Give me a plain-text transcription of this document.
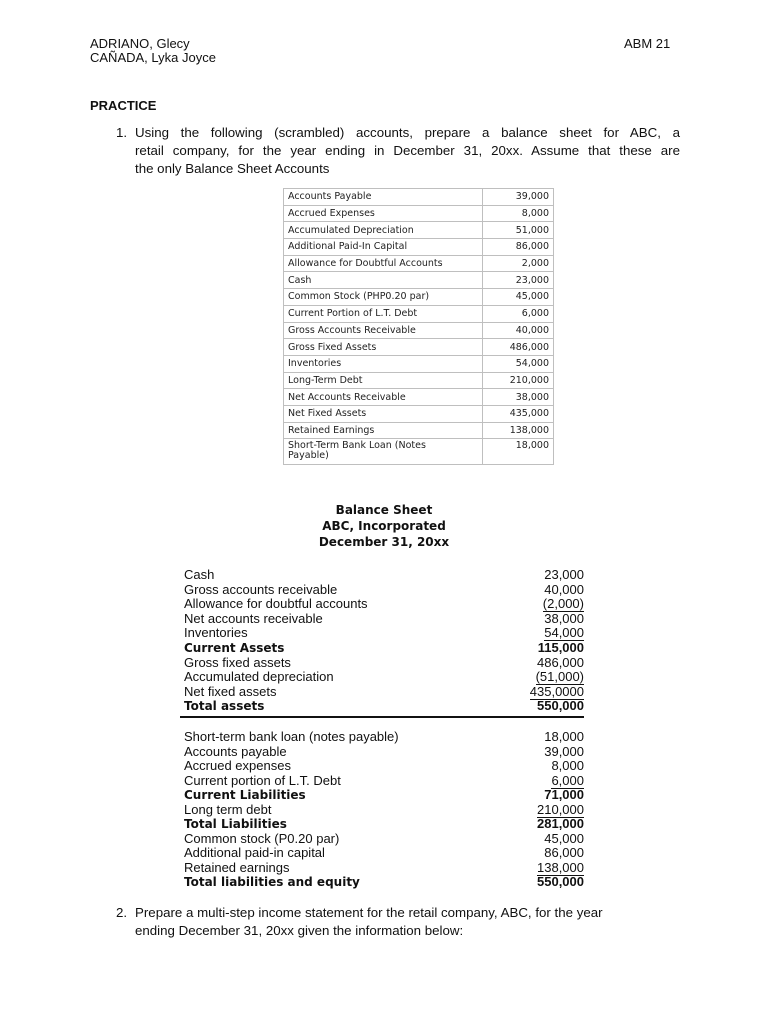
ADRIANO, Glecy
CAÑADA, Lyka Joyce
ABM 21
PRACTICE
1. Using the following (scrambled) accounts, prepare a balance sheet for ABC, a
retail company, for the year ending in December 31, 20xx. Assume that these are
the only Balance Sheet Accounts
Accounts Payable	39,000
Accrued Expenses	8,000
Accumulated Depreciation	51,000
Additional Paid-In Capital	86,000
Allowance for Doubtful Accounts	2,000
Cash	23,000
Common Stock (PHP0.20 par)	45,000
Current Portion of L.T. Debt	6,000
Gross Accounts Receivable	40,000
Gross Fixed Assets	486,000
Inventories	54,000
Long-Term Debt	210,000
Net Accounts Receivable	38,000
Net Fixed Assets	435,000
Retained Earnings	138,000
Short-Term Bank Loan (Notes
Payable)	18,000
Balance Sheet
ABC, Incorporated
December 31, 20xx
Cash	23,000
Gross accounts receivable	40,000
Allowance for doubtful accounts	(2,000)
Net accounts receivable	38,000
Inventories	54,000
Current Assets	115,000
Gross fixed assets	486,000
Accumulated depreciation	(51,000)
Net fixed assets	435,0000
Total assets	550,000
Short-term bank loan (notes payable)	18,000
Accounts payable	39,000
Accrued expenses	8,000
Current portion of L.T. Debt	6,000
Current Liabilities	71,000
Long term debt	210,000
Total Liabilities	281,000
Common stock (P0.20 par)	45,000
Additional paid-in capital	86,000
Retained earnings	138,000
Total liabilities and equity	550,000
2. Prepare a multi-step income statement for the retail company, ABC, for the year
ending December 31, 20xx given the information below:
